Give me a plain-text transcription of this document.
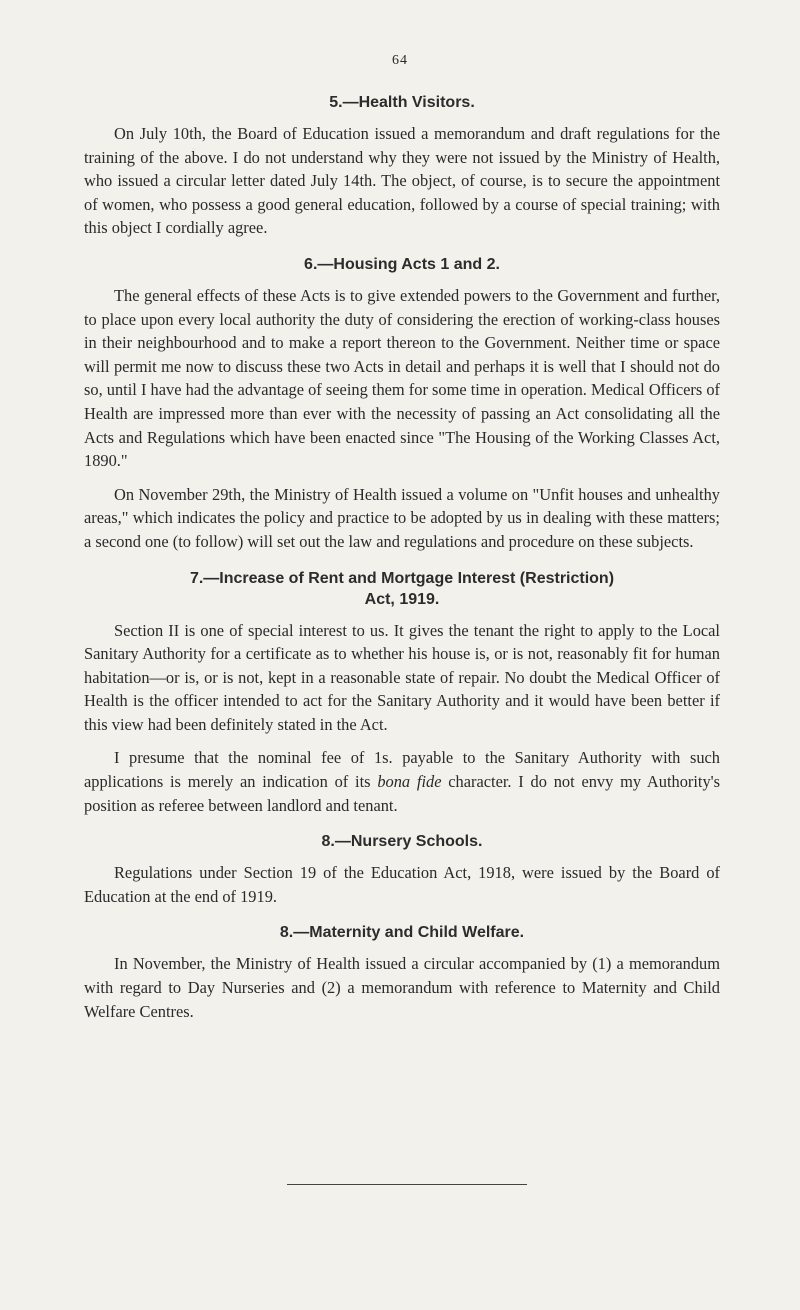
64
5.—Health Visitors.

On July 10th, the Board of Education issued a memorandum and draft regulations for the training of the above. I do not understand why they were not issued by the Ministry of Health, who issued a circular letter dated July 14th. The object, of course, is to secure the appointment of women, who possess a good general education, followed by a course of special training; with this object I cordially agree.

6.—Housing Acts 1 and 2.

The general effects of these Acts is to give extended powers to the Government and further, to place upon every local authority the duty of considering the erection of working-class houses in their neighbourhood and to make a report thereon to the Government. Neither time or space will permit me now to discuss these two Acts in detail and perhaps it is well that I should not do so, until I have had the advantage of seeing them for some time in operation. Medical Officers of Health are impressed more than ever with the necessity of passing an Act consolidating all the Acts and Regulations which have been enacted since "The Housing of the Working Classes Act, 1890."

On November 29th, the Ministry of Health issued a volume on "Unfit houses and unhealthy areas," which indicates the policy and practice to be adopted by us in dealing with these matters; a second one (to follow) will set out the law and regulations and procedure on these subjects.

7.—Increase of Rent and Mortgage Interest (Restriction)
Act, 1919.

Section II is one of special interest to us. It gives the tenant the right to apply to the Local Sanitary Authority for a certificate as to whether his house is, or is not, reasonably fit for human habitation—or is, or is not, kept in a reasonable state of repair. No doubt the Medical Officer of Health is the officer intended to act for the Sanitary Authority and it would have been better if this view had been definitely stated in the Act.

I presume that the nominal fee of 1s. payable to the Sanitary Authority with such applications is merely an indication of its bona fide character. I do not envy my Authority's position as referee between landlord and tenant.

8.—Nursery Schools.

Regulations under Section 19 of the Education Act, 1918, were issued by the Board of Education at the end of 1919.

8.—Maternity and Child Welfare.

In November, the Ministry of Health issued a circular accompanied by (1) a memorandum with regard to Day Nurseries and (2) a memorandum with reference to Maternity and Child Welfare Centres.
